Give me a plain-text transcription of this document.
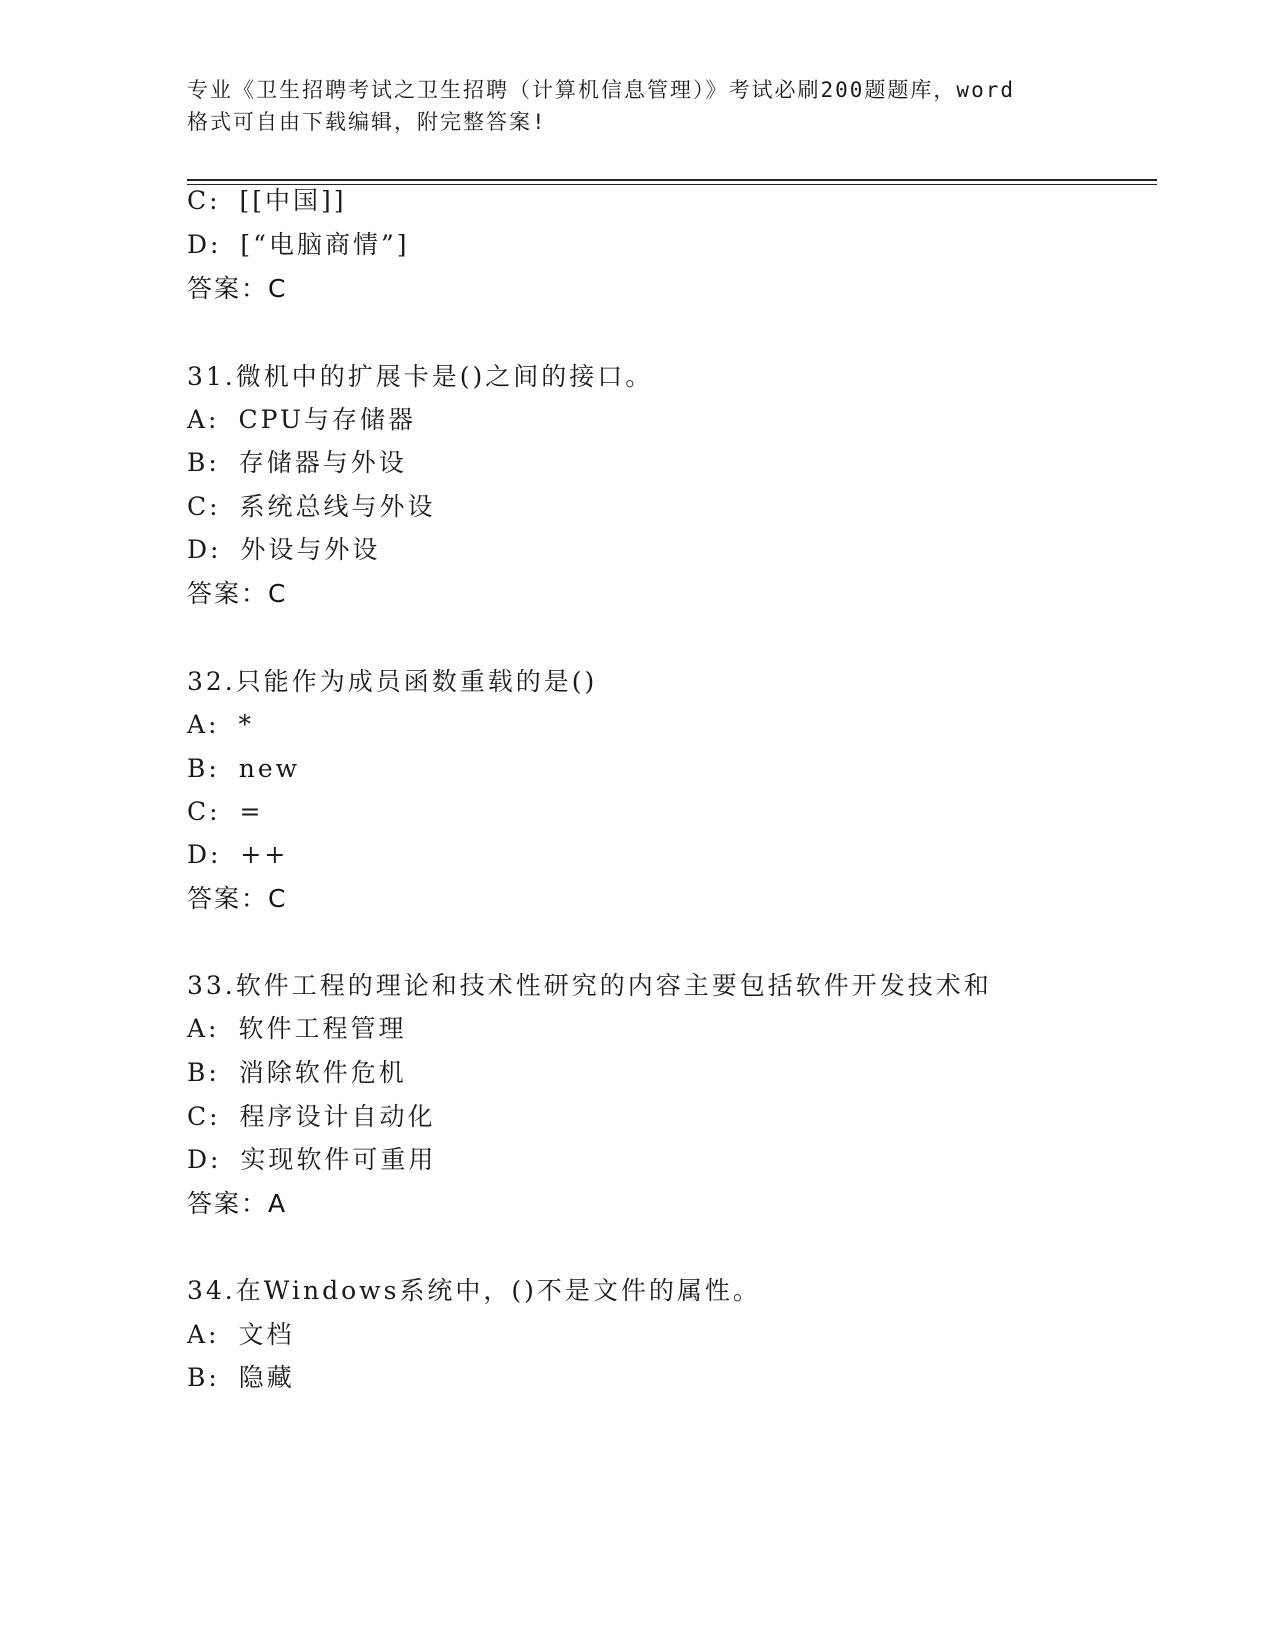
专业《卫生招聘考试之卫生招聘（计算机信息管理）》考试必刷200题题库，word
格式可自由下载编辑，附完整答案!
C: [[中国]]
D: [“电脑商情”]
答案：C
31.微机中的扩展卡是()之间的接口。
A: CPU与存储器
B: 存储器与外设
C: 系统总线与外设
D: 外设与外设
答案：C
32.只能作为成员函数重载的是()
A: *
B: new
C: =
D: ++
答案：C
33.软件工程的理论和技术性研究的内容主要包括软件开发技术和
A: 软件工程管理
B: 消除软件危机
C: 程序设计自动化
D: 实现软件可重用
答案：A
34.在Windows系统中，()不是文件的属性。
A: 文档
B: 隐藏
